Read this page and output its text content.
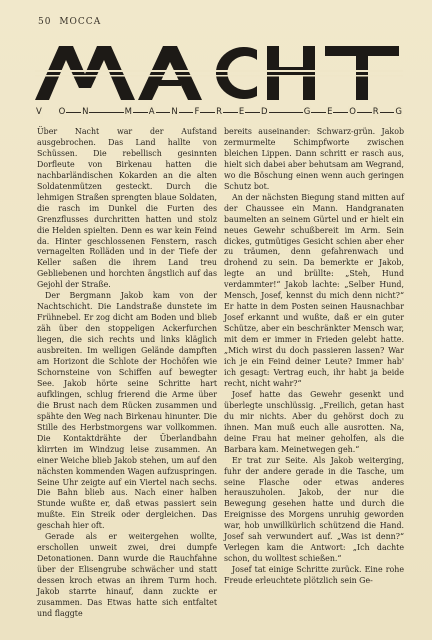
50 MOCCA
V O N
	M A N F R E D
	G E O R G

Über Nacht war der Aufstand ausgebrochen. Das Land hallte von Schüssen. Die rebellisch gesinnten Dorfleute von Birkenau hatten die nachbarländischen Kokarden an die alten Soldatenmützen gesteckt. Durch die lehmigen Straßen sprengten blaue Soldaten, die rasch im Dunkel die Furten des Grenzflusses durchritten hatten und stolz die Helden spielten. Denn es war kein Feind da. Hinter geschlossenen Fenstern, rasch vernagelten Rolläden und in der Tiefe der Keller saßen die ihrem Land treu Gebliebenen und horchten ängstlich auf das Gejohl der Straße.

Der Bergmann Jakob kam von der Nachtschicht. Die Landstraße dunstete im Frühnebel. Er zog dicht am Boden und blieb zäh über den stoppeligen Ackerfurchen liegen, die sich rechts und links kläglich ausbreiten. Im welligen Gelände dampften am Horizont die Schlote der Hochöfen wie Schornsteine von Schiffen auf bewegter See. Jakob hörte seine Schritte hart aufklingen, schlug frierend die Arme über die Brust nach dem Rücken zusammen und spähte den Weg nach Birkenau hinunter. Die Stille des Herbstmorgens war vollkommen. Die Kontaktdrähte der Überlandbahn klirrten im Windzug leise zusammen. An einer Weiche blieb Jakob stehen, um auf den nächsten kommenden Wagen aufzuspringen. Seine Uhr zeigte auf ein Viertel nach sechs. Die Bahn blieb aus. Nach einer halben Stunde wußte er, daß etwas passiert sein mußte. Ein Streik oder dergleichen. Das geschah hier oft.

Gerade als er weitergehen wollte, erschollen unweit zwei, drei dumpfe Detonationen. Dann wurde die Rauchfahne über der Elisengrube schwächer und statt dessen kroch etwas an ihrem Turm hoch. Jakob starrte hinauf, dann zuckte er zusammen. Das Etwas hatte sich entfaltet und flaggte

bereits auseinander: Schwarz-grün. Jakob zermurmelte Schimpfworte zwischen bleichen Lippen. Dann schritt er rasch aus, hielt sich dabei aber behutsam am Wegrand, wo die Böschung einen wenn auch geringen Schutz bot.

An der nächsten Biegung stand mitten auf der Chaussee ein Mann. Handgranaten baumelten an seinem Gürtel und er hielt ein neues Gewehr schußbereit im Arm. Sein dickes, gutmütiges Gesicht schien aber eher zu träumen, denn gefahrenwach und drohend zu sein. Da bemerkte er Jakob, legte an und brüllte: „Steh, Hund verdammter!“ Jakob lachte: „Selber Hund, Mensch, Josef, kennst du mich denn nicht?“ Er hatte in dem Posten seinen Hausnachbar Josef erkannt und wußte, daß er ein guter Schütze, aber ein beschränkter Mensch war, mit dem er immer in Frieden gelebt hatte. „Mich wirst du doch passieren lassen? War ich je ein Feind deiner Leute? Immer hab' ich gesagt: Vertrag euch, ihr habt ja beide recht, nicht wahr?“

Josef hatte das Gewehr gesenkt und überlegte unschlüssig. „Freilich, getan hast du mir nichts. Aber du gehörst doch zu ihnen. Man muß euch alle ausrotten. Na, deine Frau hat meiner geholfen, als die Barbara kam. Meinetwegen geh.“

Er trat zur Seite. Als Jakob weiterging, fuhr der andere gerade in die Tasche, um seine Flasche oder etwas anderes herauszuholen. Jakob, der nur die Bewegung gesehen hatte und durch die Ereignisse des Morgens unruhig geworden war, hob unwillkürlich schützend die Hand. Josef sah verwundert auf. „Was ist denn?“ Verlegen kam die Antwort: „Ich dachte schon, du wolltest schießen.“

Josef tat einige Schritte zurück. Eine rohe Freude erleuchtete plötzlich sein Ge-
